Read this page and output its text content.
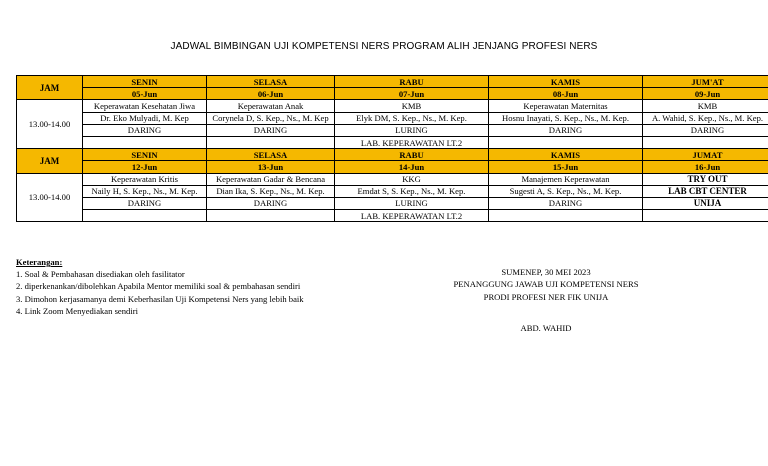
JADWAL BIMBINGAN UJI KOMPETENSI NERS PROGRAM ALIH JENJANG PROFESI NERS
JAM	SENIN	SELASA	RABU	KAMIS	JUM'AT
	05-Jun	06-Jun	07-Jun	08-Jun	09-Jun
13.00-14.00	Keperawatan Kesehatan Jiwa	Keperawatan Anak	KMB	Keperawatan Maternitas	KMB
	Dr. Eko Mulyadi, M. Kep	Corynela D, S. Kep., Ns., M. Kep	Elyk DM, S. Kep., Ns., M. Kep.	Hosnu Inayati, S. Kep., Ns., M. Kep.	A. Wahid, S. Kep., Ns., M. Kep.
	DARING	DARING	LURING	DARING	DARING
			LAB. KEPERAWATAN LT.2		
JAM	SENIN	SELASA	RABU	KAMIS	JUMAT
	12-Jun	13-Jun	14-Jun	15-Jun	16-Jun
13.00-14.00	Keperawatan Kritis	Keperawatan Gadar & Bencana	KKG	Manajemen Keperawatan	TRY OUT
	Naily H, S. Kep., Ns., M. Kep.	Dian Ika, S. Kep., Ns., M. Kep.	Emdat S, S. Kep., Ns., M. Kep.	Sugesti A, S. Kep., Ns., M. Kep.	LAB CBT CENTER
	DARING	DARING	LURING	DARING	UNIJA
			LAB. KEPERAWATAN LT.2		
Keterangan:
1. Soal & Pembahasan disediakan oleh fasilitator
2. diperkenankan/dibolehkan Apabila Mentor memiliki soal & pembahasan sendiri
3. Dimohon kerjasamanya demi Keberhasilan Uji Kompetensi Ners yang lebih baik
4. Link Zoom Menyediakan sendiri
SUMENEP, 30 MEI 2023
PENANGGUNG JAWAB UJI KOMPETENSI NERS
PRODI PROFESI NER FIK UNIJA
ABD. WAHID
